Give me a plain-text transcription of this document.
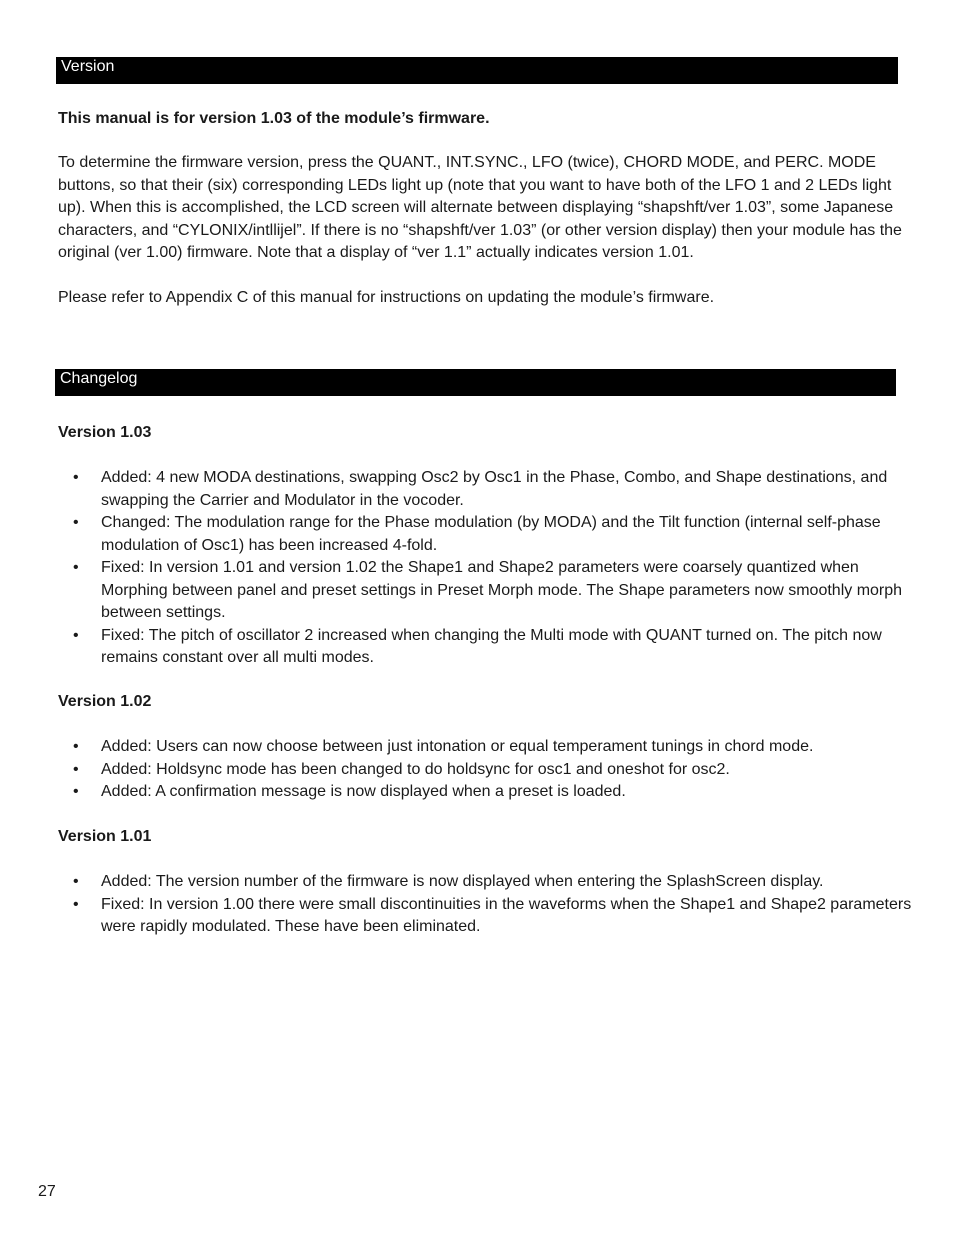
Version

This manual is for version 1.03 of the module’s firmware.

To determine the firmware version, press the QUANT., INT.SYNC., LFO (twice), CHORD MODE, and PERC. MODE buttons, so that their (six) corresponding LEDs light up (note that you want to have both of the LFO 1 and 2 LEDs light up). When this is accomplished, the LCD screen will alternate between displaying “shapshft/ver 1.03”, some Japanese characters, and “CYLONIX/intllijel”. If there is no “shapshft/ver 1.03” (or other version display) then your module has the original (ver 1.00) firmware. Note that a display of “ver 1.1” actually indicates version 1.01.

Please refer to Appendix C of this manual for instructions on updating the module’s firmware.

Changelog

Version 1.03

• Added: 4 new MODA destinations, swapping Osc2 by Osc1 in the Phase, Combo, and Shape destinations, and swapping the Carrier and Modulator in the vocoder.
• Changed: The modulation range for the Phase modulation (by MODA) and the Tilt function (internal self-phase modulation of Osc1) has been increased 4-fold.
• Fixed: In version 1.01 and version 1.02 the Shape1 and Shape2 parameters were coarsely quantized when Morphing between panel and preset settings in Preset Morph mode. The Shape parameters now smoothly morph between settings.
• Fixed: The pitch of oscillator 2 increased when changing the Multi mode with QUANT turned on. The pitch now remains constant over all multi modes.

Version 1.02

• Added: Users can now choose between just intonation or equal temperament tunings in chord mode.
• Added: Holdsync mode has been changed to do holdsync for osc1 and oneshot for osc2.
• Added: A confirmation message is now displayed when a preset is loaded.

Version 1.01

• Added: The version number of the firmware is now displayed when entering the SplashScreen display.
• Fixed: In version 1.00 there were small discontinuities in the waveforms when the Shape1 and Shape2 parameters were rapidly modulated. These have been eliminated.
27
